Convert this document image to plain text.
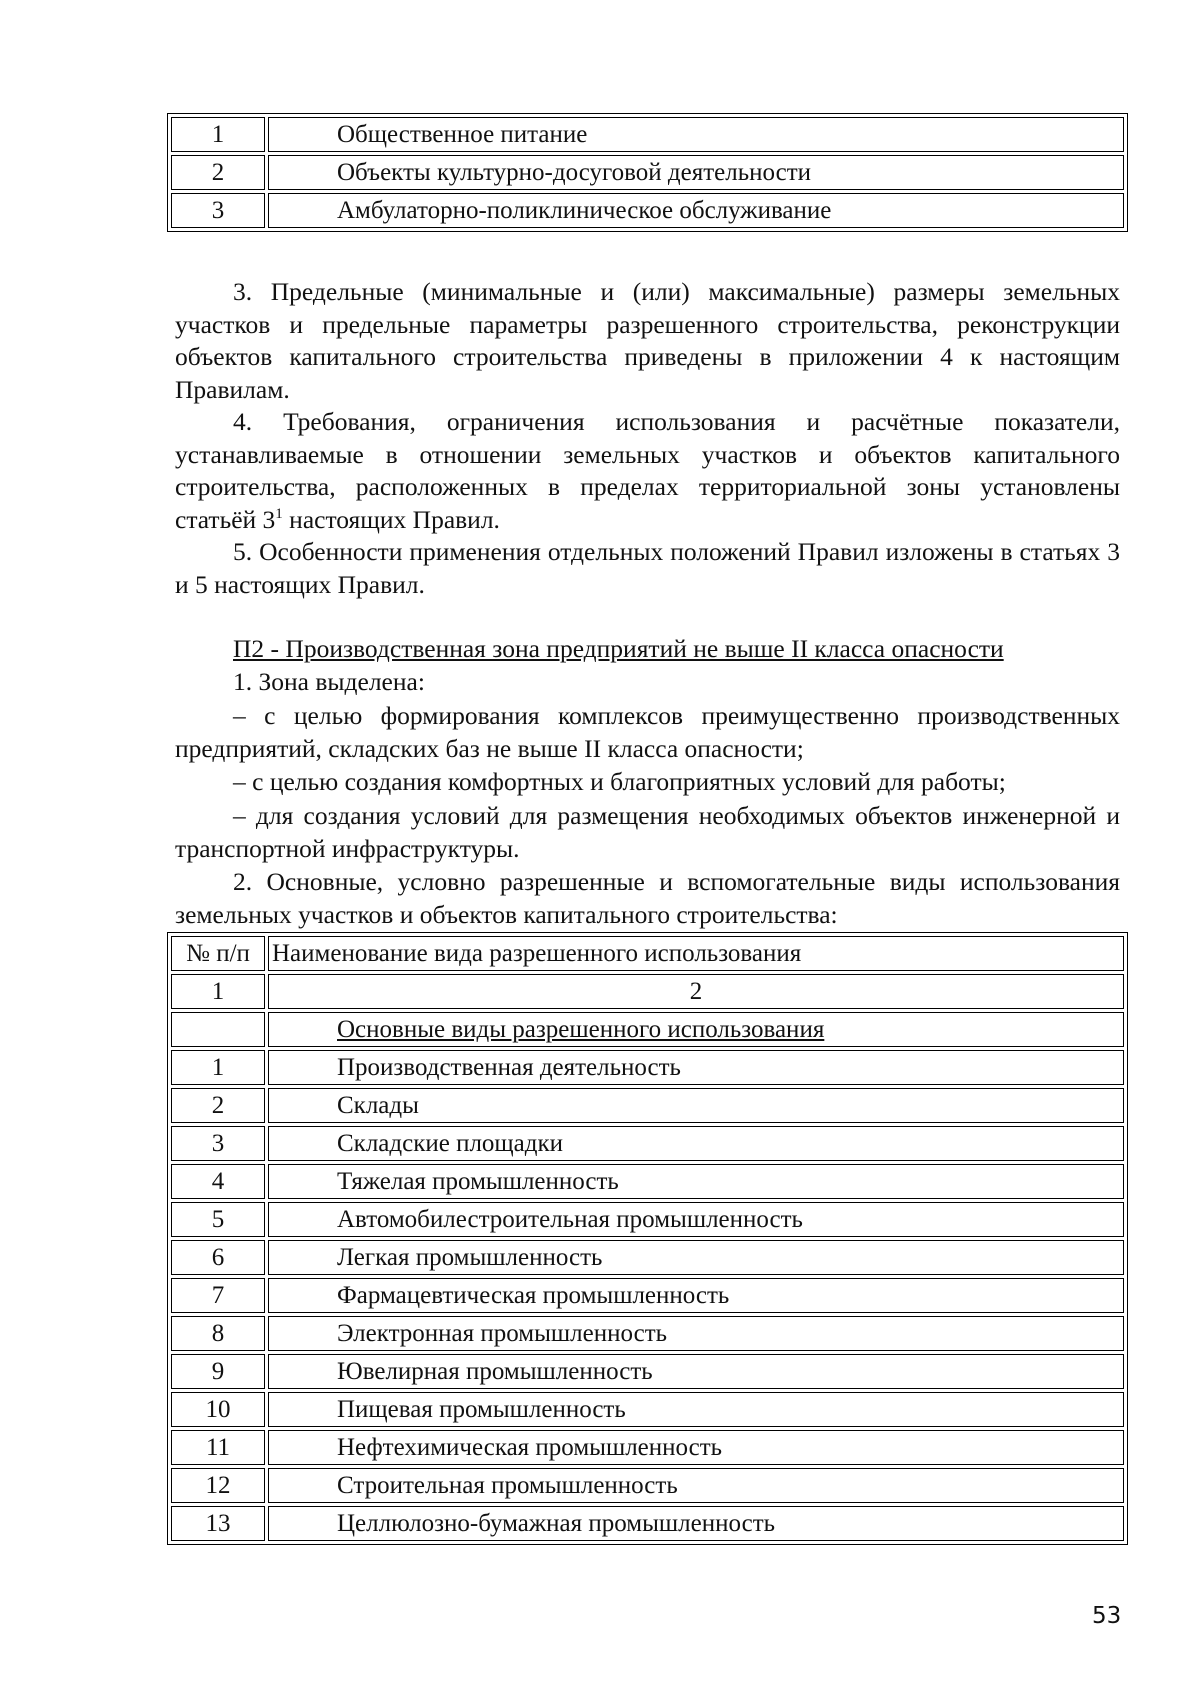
1	Общественное питание
2	Объекты культурно-досуговой деятельности
3	Амбулаторно-поликлиническое обслуживание

3. Предельные (минимальные и (или) максимальные) размеры земельных участков и предельные параметры разрешенного строительства, реконструкции объектов капитального строительства приведены в приложении 4 к настоящим Правилам.

4. Требования, ограничения использования и расчётные показатели, устанавливаемые в отношении земельных участков и объектов капитального строительства, расположенных в пределах территориальной зоны установлены статьёй $3^1$ настоящих Правил.

5. Особенности применения отдельных положений Правил изложены в статьях 3 и 5 настоящих Правил.

П2 - Производственная зона предприятий не выше II класса опасности

1. Зона выделена:

– с целью формирования комплексов преимущественно производственных предприятий, складских баз не выше II класса опасности;

– с целью создания комфортных и благоприятных условий для работы;

– для создания условий для размещения необходимых объектов инженерной и транспортной инфраструктуры.

2. Основные, условно разрешенные и вспомогательные виды использования земельных участков и объектов капитального строительства:

№ п/п	Наименование вида разрешенного использования
1	2
	Основные виды разрешенного использования
1	Производственная деятельность
2	Склады
3	Складские площадки
4	Тяжелая промышленность
5	Автомобилестроительная промышленность
6	Легкая промышленность
7	Фармацевтическая промышленность
8	Электронная промышленность
9	Ювелирная промышленность
10	Пищевая промышленность
11	Нефтехимическая промышленность
12	Строительная промышленность
13	Целлюлозно-бумажная промышленность
53
